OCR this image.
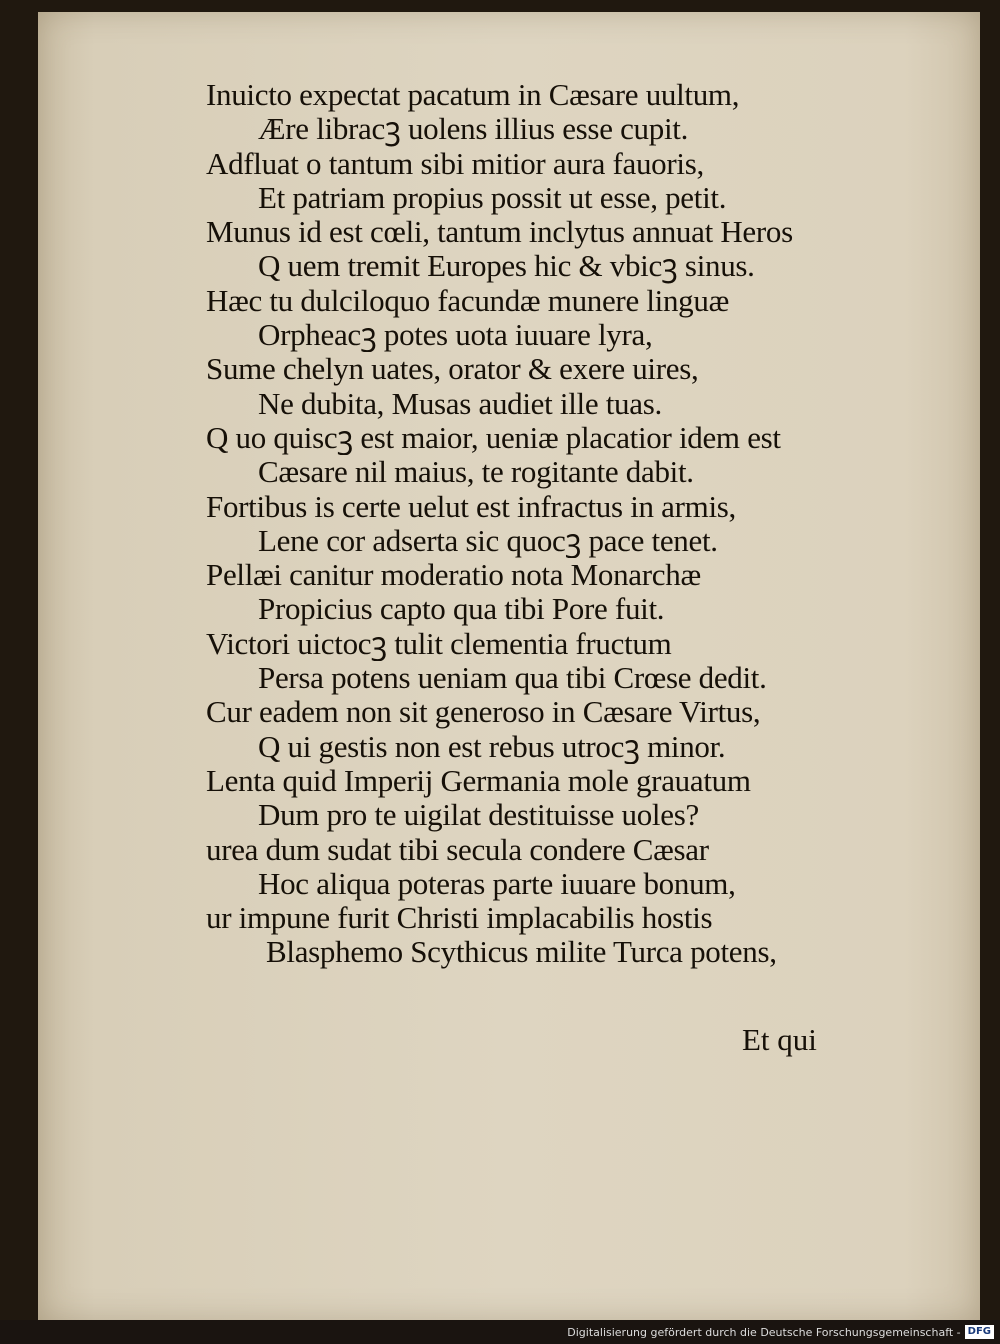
Inuicto expectat pacatum in Cæsare uultum,
Ære libracꝫ uolens illius esse cupit.
Adfluat o tantum sibi mitior aura fauoris,
Et patriam propius possit ut esse, petit.
Munus id est cœli, tantum inclytus annuat Heros
Q uem tremit Europes hic & vbicꝫ sinus.
Hæc tu dulciloquo facundæ munere linguæ
Orpheacꝫ potes uota iuuare lyra,
Sume chelyn uates, orator & exere uires,
Ne dubita, Musas audiet ille tuas.
Q uo quiscꝫ est maior, ueniæ placatior idem est
Cæsare nil maius, te rogitante dabit.
Fortibus is certe uelut est infractus in armis,
Lene cor adserta sic quocꝫ pace tenet.
Pellæi canitur moderatio nota Monarchæ
Propicius capto qua tibi Pore fuit.
Victori uictocꝫ tulit clementia fructum
Persa potens ueniam qua tibi Crœse dedit.
Cur eadem non sit generoso in Cæsare Virtus,
Q ui gestis non est rebus utrocꝫ minor.
Lenta quid Imperij Germania mole grauatum
Dum pro te uigilat destituisse uoles?
urea dum sudat tibi secula condere Cæsar
Hoc aliqua poteras parte iuuare bonum,
ur impune furit Christi implacabilis hostis
Blasphemo Scythicus milite Turca potens,
Et qui
Digitalisierung gefördert durch die Deutsche Forschungsgemeinschaft - DFG
